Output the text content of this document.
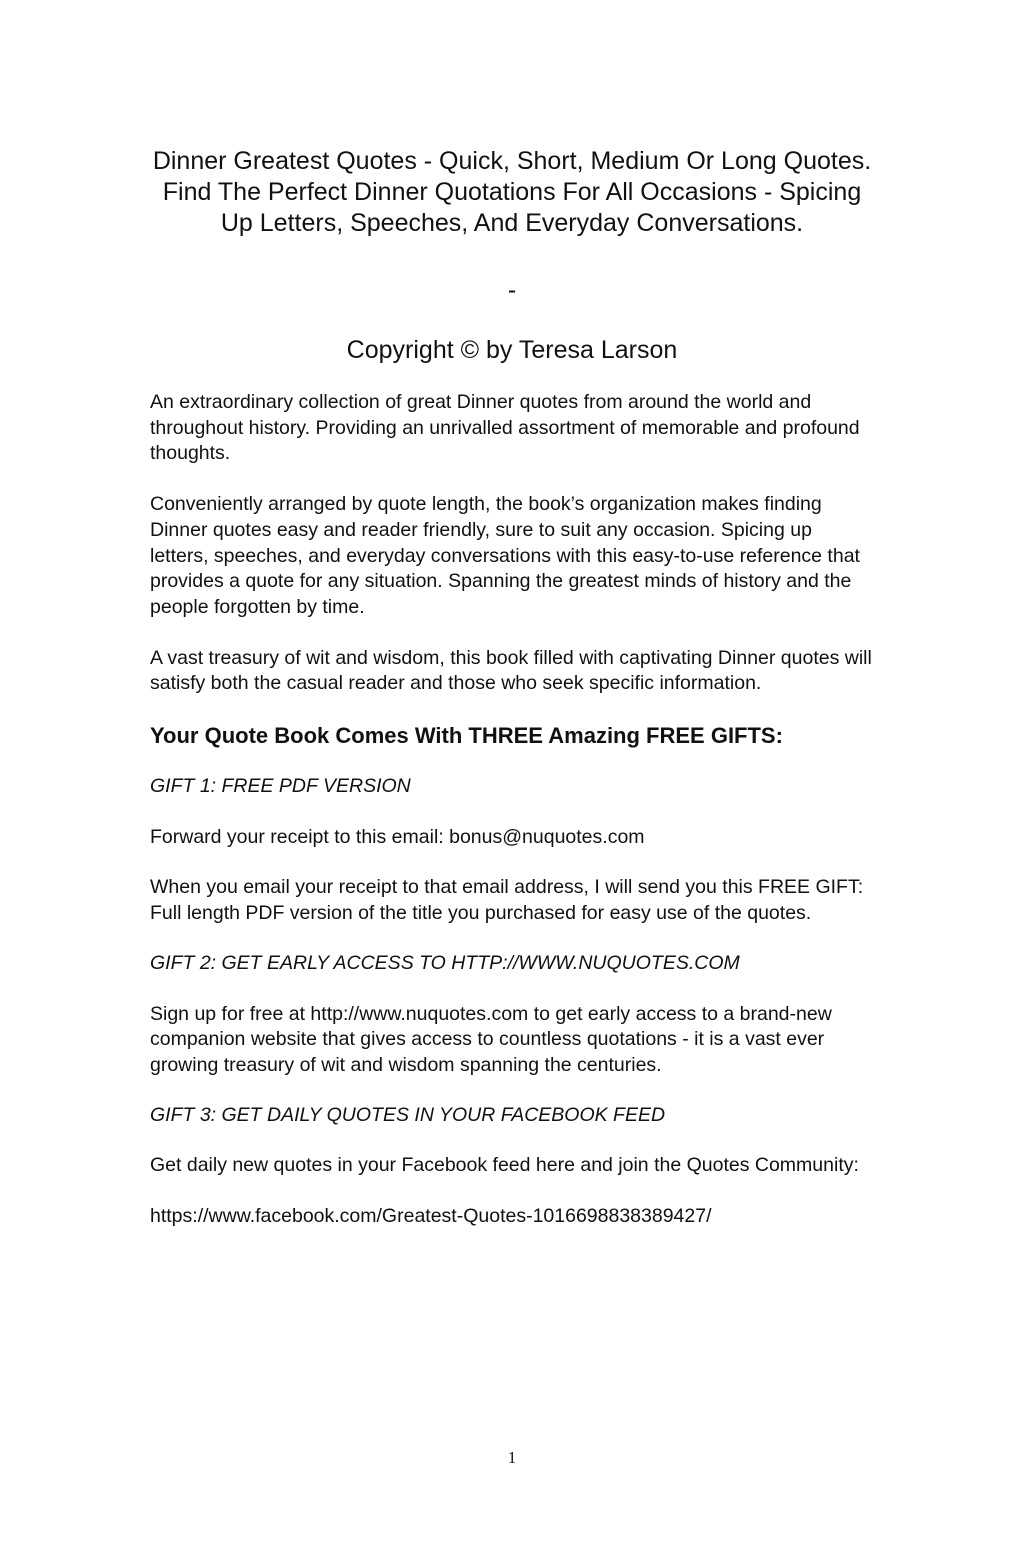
Dinner Greatest Quotes - Quick, Short, Medium Or Long Quotes. Find The Perfect Dinner Quotations For All Occasions - Spicing Up Letters, Speeches, And Everyday Conversations.
-
Copyright © by Teresa Larson

An extraordinary collection of great Dinner quotes from around the world and throughout history. Providing an unrivalled assortment of memorable and profound thoughts.

Conveniently arranged by quote length, the book’s organization makes finding Dinner quotes easy and reader friendly, sure to suit any occasion. Spicing up letters, speeches, and everyday conversations with this easy-to-use reference that provides a quote for any situation. Spanning the greatest minds of history and the people forgotten by time.

A vast treasury of wit and wisdom, this book filled with captivating Dinner quotes will satisfy both the casual reader and those who seek specific information.

Your Quote Book Comes With THREE Amazing FREE GIFTS:
GIFT 1: FREE PDF VERSION

Forward your receipt to this email: bonus@nuquotes.com

When you email your receipt to that email address, I will send you this FREE GIFT: Full length PDF version of the title you purchased for easy use of the quotes.

GIFT 2: GET EARLY ACCESS TO HTTP://WWW.NUQUOTES.COM

Sign up for free at http://www.nuquotes.com to get early access to a brand-new companion website that gives access to countless quotations - it is a vast ever growing treasury of wit and wisdom spanning the centuries.

GIFT 3: GET DAILY QUOTES IN YOUR FACEBOOK FEED

Get daily new quotes in your Facebook feed here and join the Quotes Community:

https://www.facebook.com/Greatest-Quotes-1016698838389427/

1
